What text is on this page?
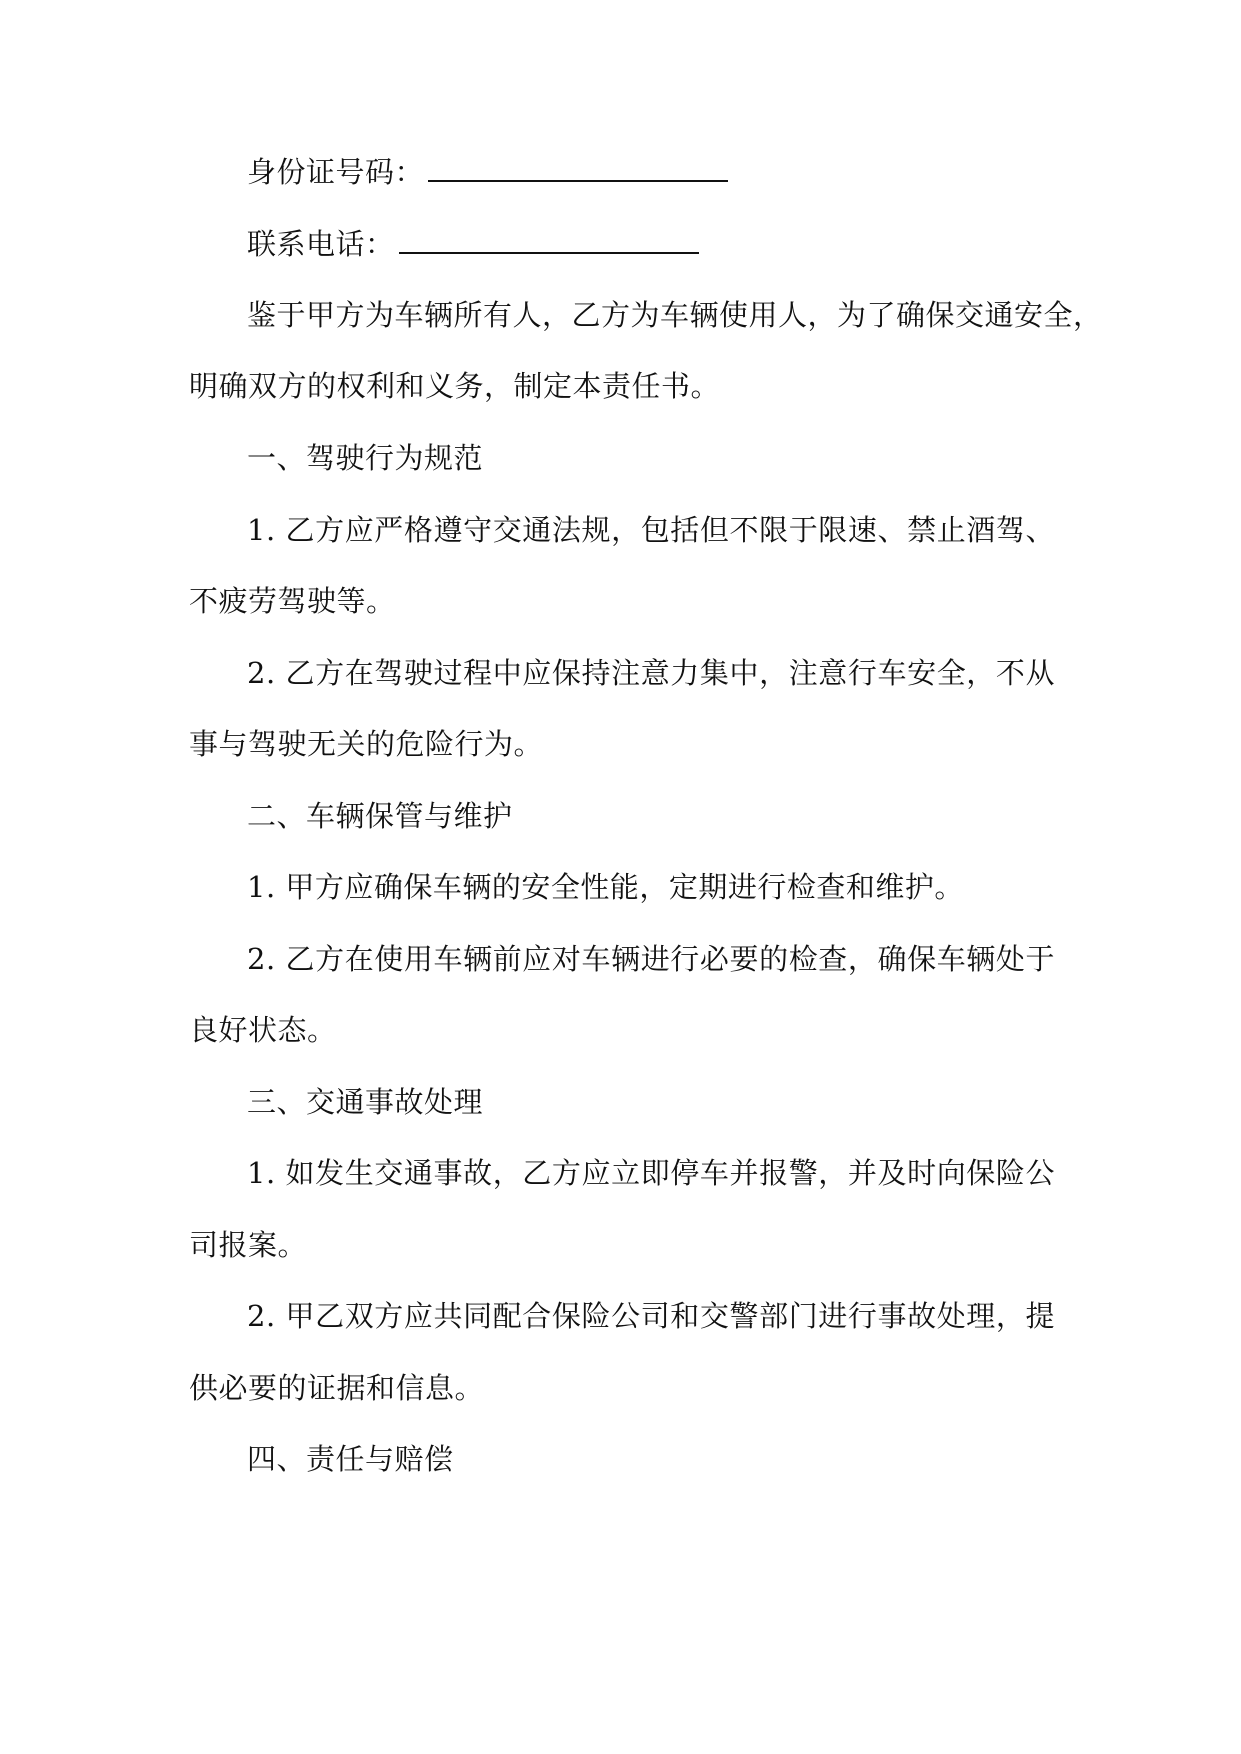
身份证号码：
联系电话：
鉴于甲方为车辆所有人，乙方为车辆使用人，为了确保交通安全，
明确双方的权利和义务，制定本责任书。
一、驾驶行为规范
1. 乙方应严格遵守交通法规，包括但不限于限速、禁止酒驾、
不疲劳驾驶等。
2. 乙方在驾驶过程中应保持注意力集中，注意行车安全，不从
事与驾驶无关的危险行为。
二、车辆保管与维护
1. 甲方应确保车辆的安全性能，定期进行检查和维护。
2. 乙方在使用车辆前应对车辆进行必要的检查，确保车辆处于
良好状态。
三、交通事故处理
1. 如发生交通事故，乙方应立即停车并报警，并及时向保险公
司报案。
2. 甲乙双方应共同配合保险公司和交警部门进行事故处理，提
供必要的证据和信息。
四、责任与赔偿
